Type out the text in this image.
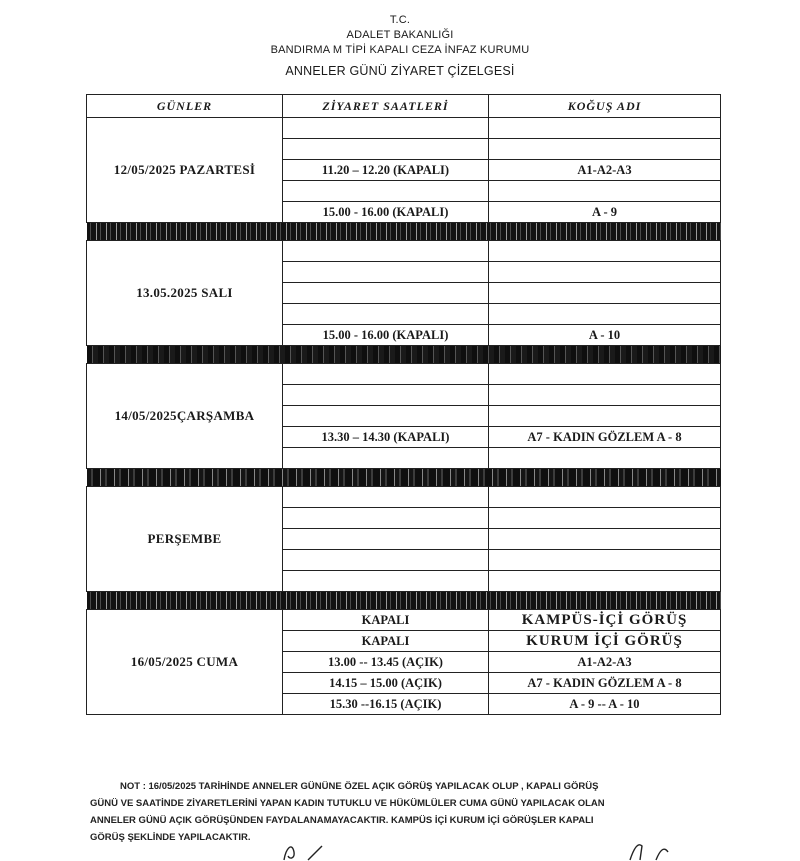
T.C.
ADALET BAKANLIĞI
BANDIRMA M TİPİ KAPALI CEZA İNFAZ KURUMU
ANNELER GÜNÜ ZİYARET ÇİZELGESİ
GÜNLER	ZİYARET SAATLERİ	KOĞUŞ ADI
12/05/2025 PAZARTESİ		

	11.20 – 12.20 (KAPALI)	A1-A2-A3

	15.00 - 16.00 (KAPALI)	A - 9

13.05.2025 SALI		

	15.00 - 16.00 (KAPALI)	A - 10

14/05/2025ÇARŞAMBA		

	13.30 – 14.30 (KAPALI)	A7 - KADIN GÖZLEM A - 8

PERŞEMBE		

16/05/2025 CUMA	KAPALI	KAMPÜS-İÇİ GÖRÜŞ
	KAPALI	KURUM İÇİ GÖRÜŞ
	13.00 -- 13.45 (AÇIK)	A1-A2-A3
	14.15 – 15.00 (AÇIK)	A7 - KADIN GÖZLEM A - 8
	15.30 --16.15 (AÇIK)	A - 9 -- A - 10
NOT : 16/05/2025 TARİHİNDE ANNELER GÜNÜNE ÖZEL AÇIK GÖRÜŞ YAPILACAK OLUP , KAPALI GÖRÜŞ
GÜNÜ VE SAATİNDE ZİYARETLERİNİ YAPAN KADIN TUTUKLU VE HÜKÜMLÜLER CUMA GÜNÜ YAPILACAK OLAN
ANNELER GÜNÜ AÇIK GÖRÜŞÜNDEN FAYDALANAMAYACAKTIR. KAMPÜS İÇİ KURUM İÇİ GÖRÜŞLER KAPALI
GÖRÜŞ ŞEKLİNDE YAPILACAKTIR.
